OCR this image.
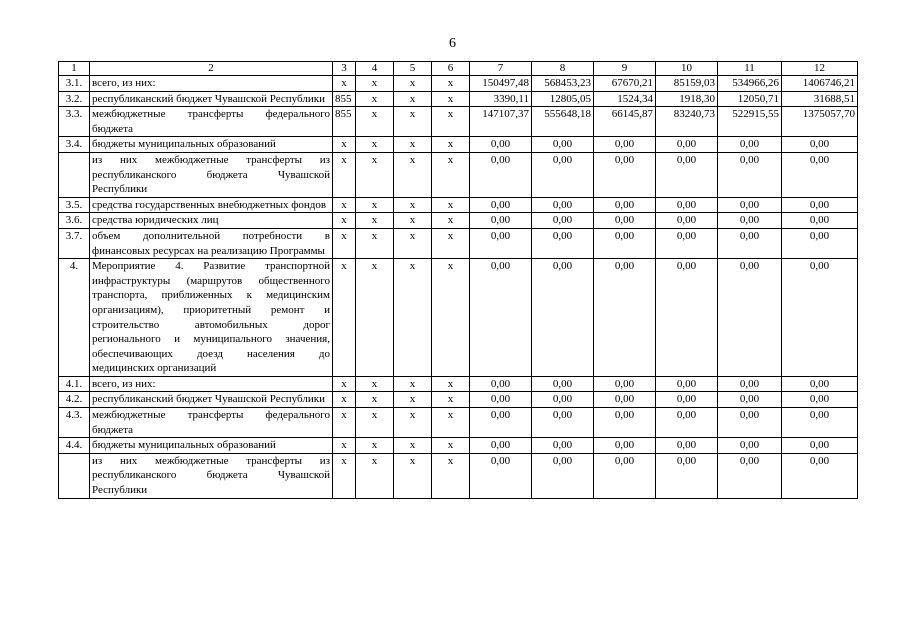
6
1	2	3	4	5	6	7	8	9	10	11	12
3.1.	всего, из них:	х	х	х	х	150497,48	568453,23	67670,21	85159,03	534966,26	1406746,21
3.2.	республиканский бюджет Чувашской Республики	855	х	х	х	3390,11	12805,05	1524,34	1918,30	12050,71	31688,51
3.3.	межбюджетные трансферты федерального бюджета	855	х	х	х	147107,37	555648,18	66145,87	83240,73	522915,55	1375057,70
3.4.	бюджеты муниципальных образований	х	х	х	х	0,00	0,00	0,00	0,00	0,00	0,00
	из них межбюджетные трансферты из республиканского бюджета Чувашской Республики	х	х	х	х	0,00	0,00	0,00	0,00	0,00	0,00
3.5.	средства государственных внебюджетных фондов	х	х	х	х	0,00	0,00	0,00	0,00	0,00	0,00
3.6.	средства юридических лиц	х	х	х	х	0,00	0,00	0,00	0,00	0,00	0,00
3.7.	объем дополнительной потребности в финансовых ресурсах на реализацию Программы	х	х	х	х	0,00	0,00	0,00	0,00	0,00	0,00
4.	Мероприятие 4. Развитие транспортной инфраструктуры (маршрутов общественного транспорта, приближенных к медицинским организациям), приоритетный ремонт и строительство автомобильных дорог регионального и муниципального значения, обеспечивающих доезд населения до медицинских организаций	х	х	х	х	0,00	0,00	0,00	0,00	0,00	0,00
4.1.	всего, из них:	х	х	х	х	0,00	0,00	0,00	0,00	0,00	0,00
4.2.	республиканский бюджет Чувашской Республики	х	х	х	х	0,00	0,00	0,00	0,00	0,00	0,00
4.3.	межбюджетные трансферты федерального бюджета	х	х	х	х	0,00	0,00	0,00	0,00	0,00	0,00
4.4.	бюджеты муниципальных образований	х	х	х	х	0,00	0,00	0,00	0,00	0,00	0,00
	из них межбюджетные трансферты из республиканского бюджета Чувашской Республики	х	х	х	х	0,00	0,00	0,00	0,00	0,00	0,00
